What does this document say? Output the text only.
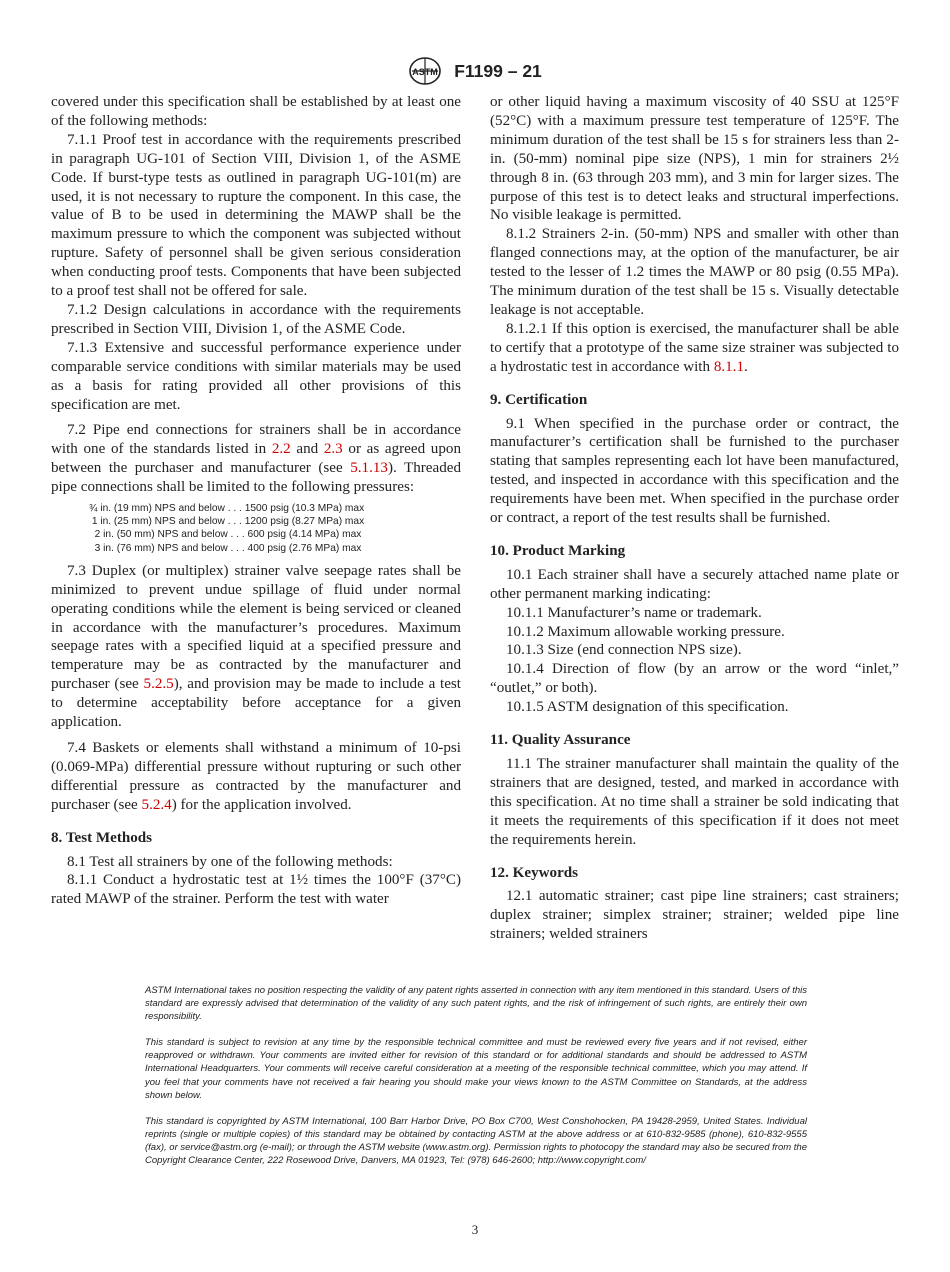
ASTM F1199 – 21

covered under this specification shall be established by at least one of the following methods:

7.1.1 Proof test in accordance with the requirements prescribed in paragraph UG-101 of Section VIII, Division 1, of the ASME Code. If burst-type tests as outlined in paragraph UG-101(m) are used, it is not necessary to rupture the component. In this case, the value of B to be used in determining the MAWP shall be the maximum pressure to which the component was subjected without rupture. Safety of personnel shall be given serious consideration when conducting proof tests. Components that have been subjected to a proof test shall not be offered for sale.

7.1.2 Design calculations in accordance with the requirements prescribed in Section VIII, Division 1, of the ASME Code.

7.1.3 Extensive and successful performance experience under comparable service conditions with similar materials may be used as a basis for rating provided all other provisions of this specification are met.

7.2 Pipe end connections for strainers shall be in accordance with one of the standards listed in 2.2 and 2.3 or as agreed upon between the purchaser and manufacturer (see 5.1.13). Threaded pipe connections shall be limited to the following pressures:

¾ in. (19 mm) NPS and below . . . 1500 psig (10.3 MPa) max
1 in. (25 mm) NPS and below . . . 1200 psig (8.27 MPa) max
2 in. (50 mm) NPS and below . . . 600 psig (4.14 MPa) max
3 in. (76 mm) NPS and below . . . 400 psig (2.76 MPa) max

7.3 Duplex (or multiplex) strainer valve seepage rates shall be minimized to prevent undue spillage of fluid under normal operating conditions while the element is being serviced or cleaned in accordance with the manufacturer’s procedures. Maximum seepage rates with a specified liquid at a specified pressure and temperature may be as contracted by the manufacturer and purchaser (see 5.2.5), and provision may be made to include a test to determine acceptability before acceptance for a given application.

7.4 Baskets or elements shall withstand a minimum of 10-psi (0.069-MPa) differential pressure without rupturing or such other differential pressure as contracted by the manufacturer and purchaser (see 5.2.4) for the application involved.

8. Test Methods

8.1 Test all strainers by one of the following methods:

8.1.1 Conduct a hydrostatic test at 1½ times the 100°F (37°C) rated MAWP of the strainer. Perform the test with water

or other liquid having a maximum viscosity of 40 SSU at 125°F (52°C) with a maximum pressure test temperature of 125°F. The minimum duration of the test shall be 15 s for strainers less than 2-in. (50-mm) nominal pipe size (NPS), 1 min for strainers 2½ through 8 in. (63 through 203 mm), and 3 min for larger sizes. The purpose of this test is to detect leaks and structural imperfections. No visible leakage is permitted.

8.1.2 Strainers 2-in. (50-mm) NPS and smaller with other than flanged connections may, at the option of the manufacturer, be air tested to the lesser of 1.2 times the MAWP or 80 psig (0.55 MPa). The minimum duration of the test shall be 15 s. Visually detectable leakage is not acceptable.

8.1.2.1 If this option is exercised, the manufacturer shall be able to certify that a prototype of the same size strainer was subjected to a hydrostatic test in accordance with 8.1.1.

9. Certification

9.1 When specified in the purchase order or contract, the manufacturer’s certification shall be furnished to the purchaser stating that samples representing each lot have been manufactured, tested, and inspected in accordance with this specification and the requirements have been met. When specified in the purchase order or contract, a report of the test results shall be furnished.

10. Product Marking

10.1 Each strainer shall have a securely attached name plate or other permanent marking indicating:

10.1.1 Manufacturer’s name or trademark.

10.1.2 Maximum allowable working pressure.

10.1.3 Size (end connection NPS size).

10.1.4 Direction of flow (by an arrow or the word “inlet,” “outlet,” or both).

10.1.5 ASTM designation of this specification.

11. Quality Assurance

11.1 The strainer manufacturer shall maintain the quality of the strainers that are designed, tested, and marked in accordance with this specification. At no time shall a strainer be sold indicating that it meets the requirements of this specification if it does not meet the requirements herein.

12. Keywords

12.1 automatic strainer; cast pipe line strainers; cast strainers; duplex strainer; simplex strainer; strainer; welded pipe line strainers; welded strainers

ASTM International takes no position respecting the validity of any patent rights asserted in connection with any item mentioned in this standard. Users of this standard are expressly advised that determination of the validity of any such patent rights, and the risk of infringement of such rights, are entirely their own responsibility.

This standard is subject to revision at any time by the responsible technical committee and must be reviewed every five years and if not revised, either reapproved or withdrawn. Your comments are invited either for revision of this standard or for additional standards and should be addressed to ASTM International Headquarters. Your comments will receive careful consideration at a meeting of the responsible technical committee, which you may attend. If you feel that your comments have not received a fair hearing you should make your views known to the ASTM Committee on Standards, at the address shown below.

This standard is copyrighted by ASTM International, 100 Barr Harbor Drive, PO Box C700, West Conshohocken, PA 19428-2959, United States. Individual reprints (single or multiple copies) of this standard may be obtained by contacting ASTM at the above address or at 610-832-9585 (phone), 610-832-9555 (fax), or service@astm.org (e-mail); or through the ASTM website (www.astm.org). Permission rights to photocopy the standard may also be secured from the Copyright Clearance Center, 222 Rosewood Drive, Danvers, MA 01923, Tel: (978) 646-2600; http://www.copyright.com/

3
